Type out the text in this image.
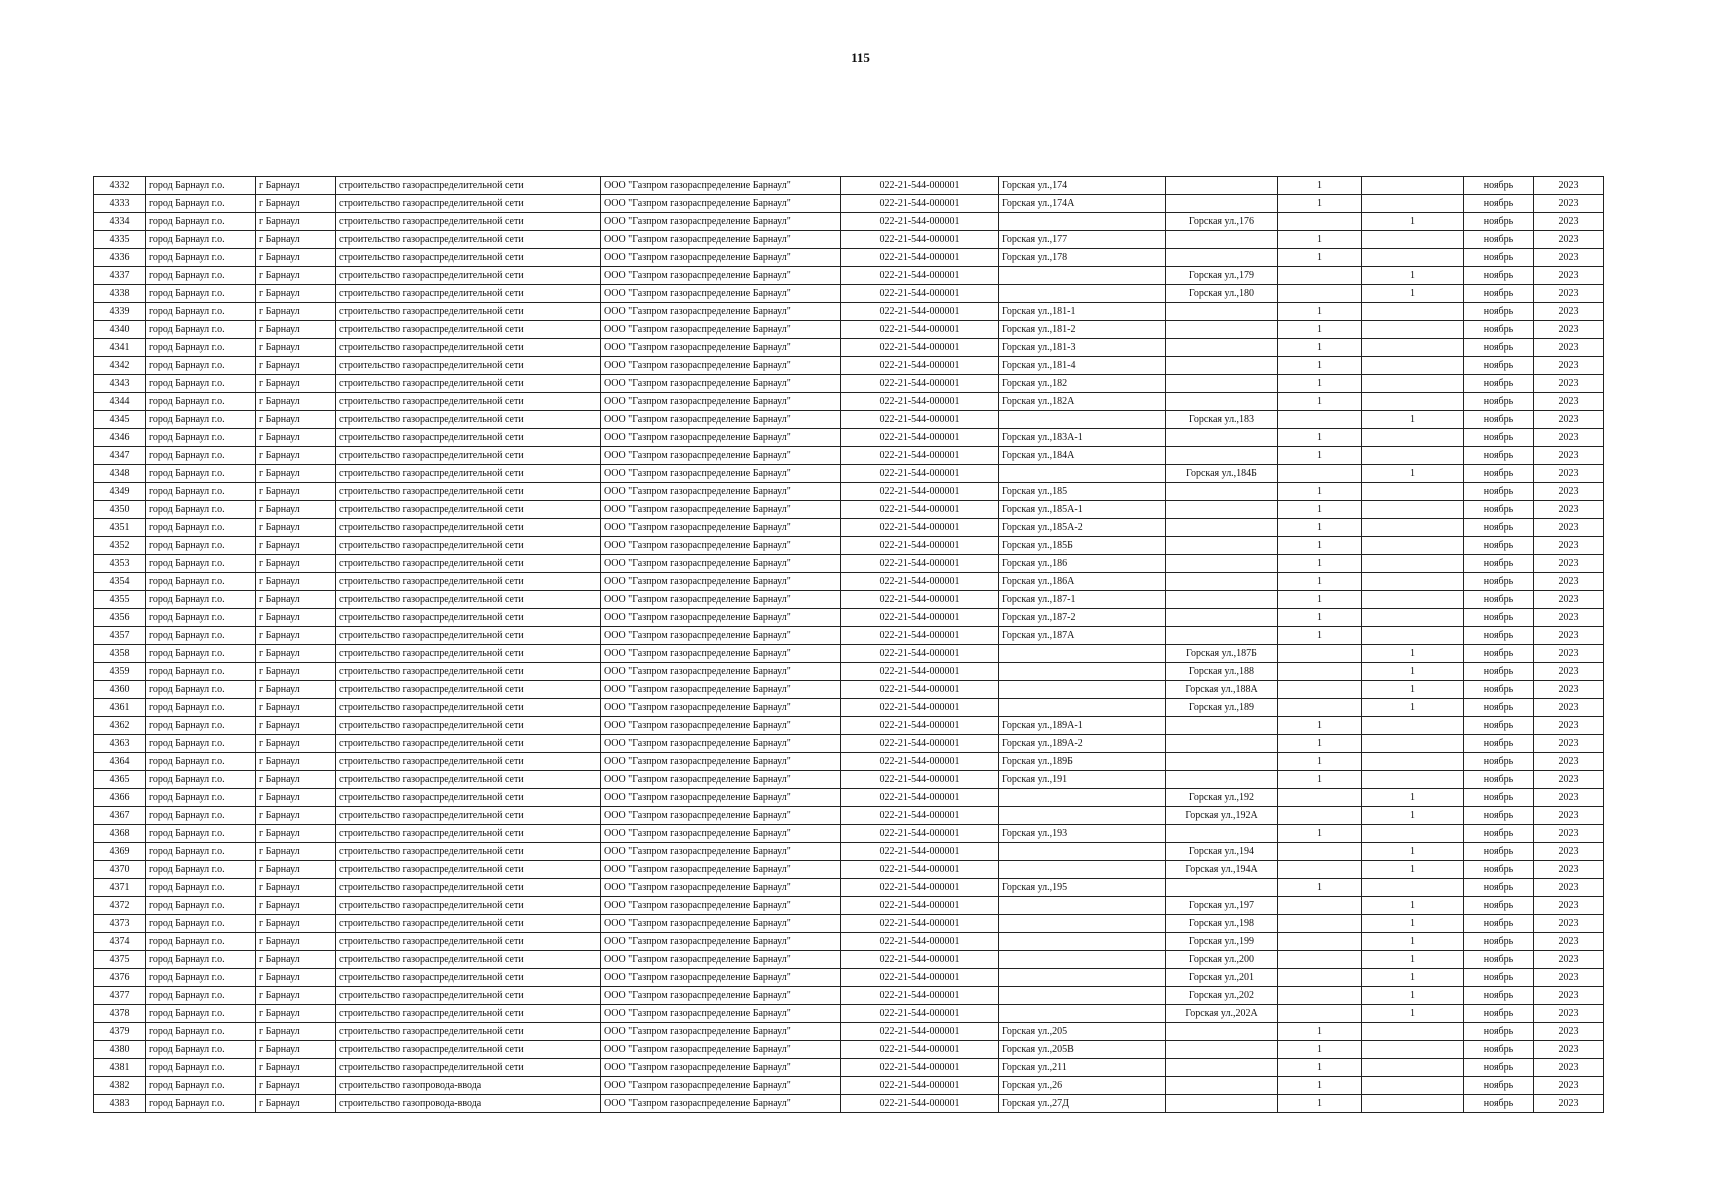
115
4332	город Барнаул г.о.	г Барнаул	строительство газораспределительной сети	ООО "Газпром газораспределение Барнаул"	022-21-544-000001	Горская ул.,174		1		ноябрь	2023
4333	город Барнаул г.о.	г Барнаул	строительство газораспределительной сети	ООО "Газпром газораспределение Барнаул"	022-21-544-000001	Горская ул.,174А		1		ноябрь	2023
4334	город Барнаул г.о.	г Барнаул	строительство газораспределительной сети	ООО "Газпром газораспределение Барнаул"	022-21-544-000001		Горская ул.,176		1	ноябрь	2023
4335	город Барнаул г.о.	г Барнаул	строительство газораспределительной сети	ООО "Газпром газораспределение Барнаул"	022-21-544-000001	Горская ул.,177		1		ноябрь	2023
4336	город Барнаул г.о.	г Барнаул	строительство газораспределительной сети	ООО "Газпром газораспределение Барнаул"	022-21-544-000001	Горская ул.,178		1		ноябрь	2023
4337	город Барнаул г.о.	г Барнаул	строительство газораспределительной сети	ООО "Газпром газораспределение Барнаул"	022-21-544-000001		Горская ул.,179		1	ноябрь	2023
4338	город Барнаул г.о.	г Барнаул	строительство газораспределительной сети	ООО "Газпром газораспределение Барнаул"	022-21-544-000001		Горская ул.,180		1	ноябрь	2023
4339	город Барнаул г.о.	г Барнаул	строительство газораспределительной сети	ООО "Газпром газораспределение Барнаул"	022-21-544-000001	Горская ул.,181-1		1		ноябрь	2023
4340	город Барнаул г.о.	г Барнаул	строительство газораспределительной сети	ООО "Газпром газораспределение Барнаул"	022-21-544-000001	Горская ул.,181-2		1		ноябрь	2023
4341	город Барнаул г.о.	г Барнаул	строительство газораспределительной сети	ООО "Газпром газораспределение Барнаул"	022-21-544-000001	Горская ул.,181-3		1		ноябрь	2023
4342	город Барнаул г.о.	г Барнаул	строительство газораспределительной сети	ООО "Газпром газораспределение Барнаул"	022-21-544-000001	Горская ул.,181-4		1		ноябрь	2023
4343	город Барнаул г.о.	г Барнаул	строительство газораспределительной сети	ООО "Газпром газораспределение Барнаул"	022-21-544-000001	Горская ул.,182		1		ноябрь	2023
4344	город Барнаул г.о.	г Барнаул	строительство газораспределительной сети	ООО "Газпром газораспределение Барнаул"	022-21-544-000001	Горская ул.,182А		1		ноябрь	2023
4345	город Барнаул г.о.	г Барнаул	строительство газораспределительной сети	ООО "Газпром газораспределение Барнаул"	022-21-544-000001		Горская ул.,183		1	ноябрь	2023
4346	город Барнаул г.о.	г Барнаул	строительство газораспределительной сети	ООО "Газпром газораспределение Барнаул"	022-21-544-000001	Горская ул.,183А-1		1		ноябрь	2023
4347	город Барнаул г.о.	г Барнаул	строительство газораспределительной сети	ООО "Газпром газораспределение Барнаул"	022-21-544-000001	Горская ул.,184А		1		ноябрь	2023
4348	город Барнаул г.о.	г Барнаул	строительство газораспределительной сети	ООО "Газпром газораспределение Барнаул"	022-21-544-000001		Горская ул.,184Б		1	ноябрь	2023
4349	город Барнаул г.о.	г Барнаул	строительство газораспределительной сети	ООО "Газпром газораспределение Барнаул"	022-21-544-000001	Горская ул.,185		1		ноябрь	2023
4350	город Барнаул г.о.	г Барнаул	строительство газораспределительной сети	ООО "Газпром газораспределение Барнаул"	022-21-544-000001	Горская ул.,185А-1		1		ноябрь	2023
4351	город Барнаул г.о.	г Барнаул	строительство газораспределительной сети	ООО "Газпром газораспределение Барнаул"	022-21-544-000001	Горская ул.,185А-2		1		ноябрь	2023
4352	город Барнаул г.о.	г Барнаул	строительство газораспределительной сети	ООО "Газпром газораспределение Барнаул"	022-21-544-000001	Горская ул.,185Б		1		ноябрь	2023
4353	город Барнаул г.о.	г Барнаул	строительство газораспределительной сети	ООО "Газпром газораспределение Барнаул"	022-21-544-000001	Горская ул.,186		1		ноябрь	2023
4354	город Барнаул г.о.	г Барнаул	строительство газораспределительной сети	ООО "Газпром газораспределение Барнаул"	022-21-544-000001	Горская ул.,186А		1		ноябрь	2023
4355	город Барнаул г.о.	г Барнаул	строительство газораспределительной сети	ООО "Газпром газораспределение Барнаул"	022-21-544-000001	Горская ул.,187-1		1		ноябрь	2023
4356	город Барнаул г.о.	г Барнаул	строительство газораспределительной сети	ООО "Газпром газораспределение Барнаул"	022-21-544-000001	Горская ул.,187-2		1		ноябрь	2023
4357	город Барнаул г.о.	г Барнаул	строительство газораспределительной сети	ООО "Газпром газораспределение Барнаул"	022-21-544-000001	Горская ул.,187А		1		ноябрь	2023
4358	город Барнаул г.о.	г Барнаул	строительство газораспределительной сети	ООО "Газпром газораспределение Барнаул"	022-21-544-000001		Горская ул.,187Б		1	ноябрь	2023
4359	город Барнаул г.о.	г Барнаул	строительство газораспределительной сети	ООО "Газпром газораспределение Барнаул"	022-21-544-000001		Горская ул.,188		1	ноябрь	2023
4360	город Барнаул г.о.	г Барнаул	строительство газораспределительной сети	ООО "Газпром газораспределение Барнаул"	022-21-544-000001		Горская ул.,188А		1	ноябрь	2023
4361	город Барнаул г.о.	г Барнаул	строительство газораспределительной сети	ООО "Газпром газораспределение Барнаул"	022-21-544-000001		Горская ул.,189		1	ноябрь	2023
4362	город Барнаул г.о.	г Барнаул	строительство газораспределительной сети	ООО "Газпром газораспределение Барнаул"	022-21-544-000001	Горская ул.,189А-1		1		ноябрь	2023
4363	город Барнаул г.о.	г Барнаул	строительство газораспределительной сети	ООО "Газпром газораспределение Барнаул"	022-21-544-000001	Горская ул.,189А-2		1		ноябрь	2023
4364	город Барнаул г.о.	г Барнаул	строительство газораспределительной сети	ООО "Газпром газораспределение Барнаул"	022-21-544-000001	Горская ул.,189Б		1		ноябрь	2023
4365	город Барнаул г.о.	г Барнаул	строительство газораспределительной сети	ООО "Газпром газораспределение Барнаул"	022-21-544-000001	Горская ул.,191		1		ноябрь	2023
4366	город Барнаул г.о.	г Барнаул	строительство газораспределительной сети	ООО "Газпром газораспределение Барнаул"	022-21-544-000001		Горская ул.,192		1	ноябрь	2023
4367	город Барнаул г.о.	г Барнаул	строительство газораспределительной сети	ООО "Газпром газораспределение Барнаул"	022-21-544-000001		Горская ул.,192А		1	ноябрь	2023
4368	город Барнаул г.о.	г Барнаул	строительство газораспределительной сети	ООО "Газпром газораспределение Барнаул"	022-21-544-000001	Горская ул.,193		1		ноябрь	2023
4369	город Барнаул г.о.	г Барнаул	строительство газораспределительной сети	ООО "Газпром газораспределение Барнаул"	022-21-544-000001		Горская ул.,194		1	ноябрь	2023
4370	город Барнаул г.о.	г Барнаул	строительство газораспределительной сети	ООО "Газпром газораспределение Барнаул"	022-21-544-000001		Горская ул.,194А		1	ноябрь	2023
4371	город Барнаул г.о.	г Барнаул	строительство газораспределительной сети	ООО "Газпром газораспределение Барнаул"	022-21-544-000001	Горская ул.,195		1		ноябрь	2023
4372	город Барнаул г.о.	г Барнаул	строительство газораспределительной сети	ООО "Газпром газораспределение Барнаул"	022-21-544-000001		Горская ул.,197		1	ноябрь	2023
4373	город Барнаул г.о.	г Барнаул	строительство газораспределительной сети	ООО "Газпром газораспределение Барнаул"	022-21-544-000001		Горская ул.,198		1	ноябрь	2023
4374	город Барнаул г.о.	г Барнаул	строительство газораспределительной сети	ООО "Газпром газораспределение Барнаул"	022-21-544-000001		Горская ул.,199		1	ноябрь	2023
4375	город Барнаул г.о.	г Барнаул	строительство газораспределительной сети	ООО "Газпром газораспределение Барнаул"	022-21-544-000001		Горская ул.,200		1	ноябрь	2023
4376	город Барнаул г.о.	г Барнаул	строительство газораспределительной сети	ООО "Газпром газораспределение Барнаул"	022-21-544-000001		Горская ул.,201		1	ноябрь	2023
4377	город Барнаул г.о.	г Барнаул	строительство газораспределительной сети	ООО "Газпром газораспределение Барнаул"	022-21-544-000001		Горская ул.,202		1	ноябрь	2023
4378	город Барнаул г.о.	г Барнаул	строительство газораспределительной сети	ООО "Газпром газораспределение Барнаул"	022-21-544-000001		Горская ул.,202А		1	ноябрь	2023
4379	город Барнаул г.о.	г Барнаул	строительство газораспределительной сети	ООО "Газпром газораспределение Барнаул"	022-21-544-000001	Горская ул.,205		1		ноябрь	2023
4380	город Барнаул г.о.	г Барнаул	строительство газораспределительной сети	ООО "Газпром газораспределение Барнаул"	022-21-544-000001	Горская ул.,205В		1		ноябрь	2023
4381	город Барнаул г.о.	г Барнаул	строительство газораспределительной сети	ООО "Газпром газораспределение Барнаул"	022-21-544-000001	Горская ул.,211		1		ноябрь	2023
4382	город Барнаул г.о.	г Барнаул	строительство газопровода-ввода	ООО "Газпром газораспределение Барнаул"	022-21-544-000001	Горская ул.,26		1		ноябрь	2023
4383	город Барнаул г.о.	г Барнаул	строительство газопровода-ввода	ООО "Газпром газораспределение Барнаул"	022-21-544-000001	Горская ул.,27Д		1		ноябрь	2023
